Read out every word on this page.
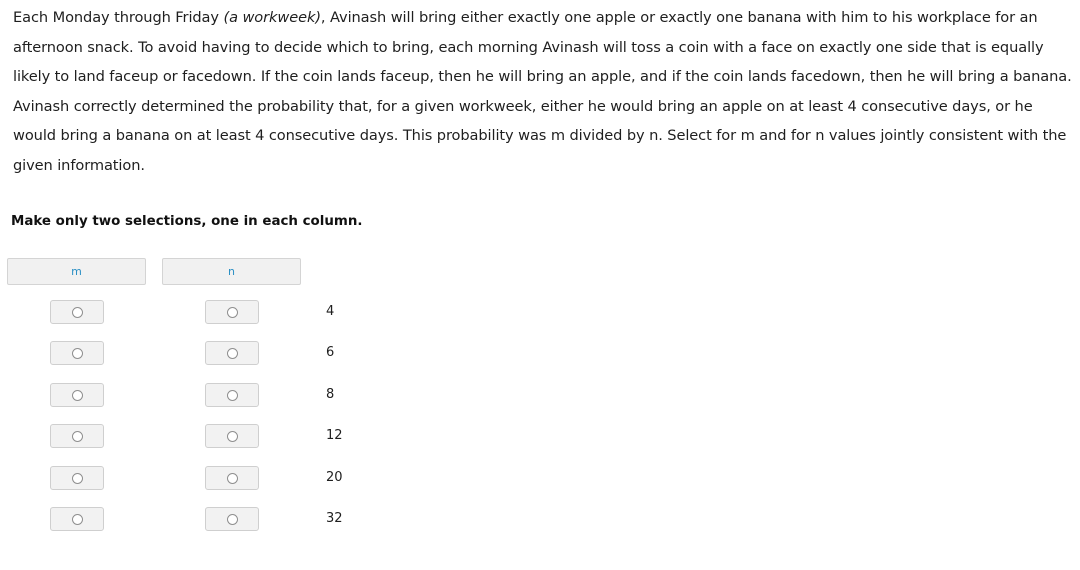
Each Monday through Friday (a workweek), Avinash will bring either exactly one apple or exactly one banana with him to his workplace for an afternoon snack. To avoid having to decide which to bring, each morning Avinash will toss a coin with a face on exactly one side that is equally likely to land faceup or facedown. If the coin lands faceup, then he will bring an apple, and if the coin lands facedown, then he will bring a banana. Avinash correctly determined the probability that, for a given workweek, either he would bring an apple on at least 4 consecutive days, or he would bring a banana on at least 4 consecutive days. This probability was m divided by n. Select for m and for n values jointly consistent with the given information.
Make only two selections, one in each column.
m	n
4
6
8
12
20
32
